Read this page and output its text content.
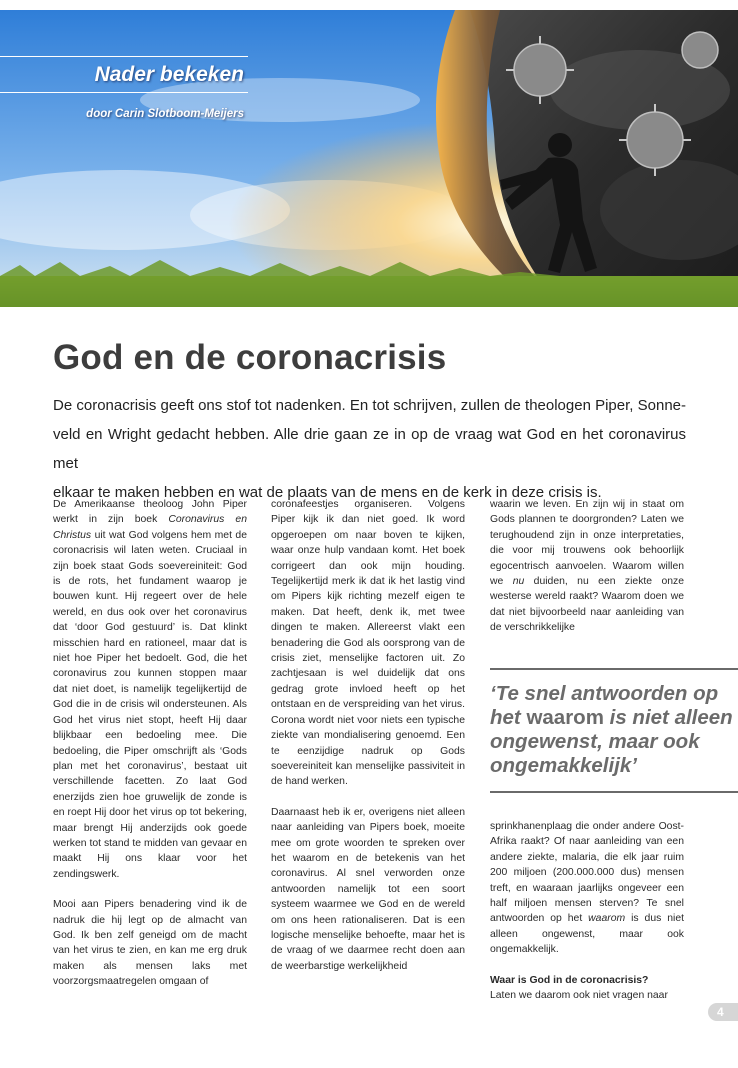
Nader bekeken
door Carin Slotboom-Meijers
God en de coronacrisis

De coronacrisis geeft ons stof tot nadenken. En tot schrijven, zullen de theologen Piper, Sonne-

veld en Wright gedacht hebben. Alle drie gaan ze in op de vraag wat God en het coronavirus met

elkaar te maken hebben en wat de plaats van de mens en de kerk in deze crisis is.

De Amerikaanse theoloog John Piper werkt in zijn boek Coronavirus en Christus uit wat God volgens hem met de coronacrisis wil laten weten. Cruciaal in zijn boek staat Gods soevereiniteit: God is de rots, het fundament waarop je bouwen kunt. Hij regeert over de hele wereld, en dus ook over het coronavirus dat ‘door God gestuurd’ is. Dat klinkt misschien hard en rationeel, maar dat is niet hoe Piper het bedoelt. God, die het coronavirus zou kunnen stoppen maar dat niet doet, is namelijk tegelijkertijd de God die in de crisis wil ondersteunen. Als God het virus niet stopt, heeft Hij daar blijkbaar een bedoeling mee. Die bedoeling, die Piper omschrijft als ‘Gods plan met het coronavirus’, bestaat uit verschillende facetten. Zo laat God enerzijds zien hoe gruwelijk de zonde is en roept Hij door het virus op tot bekering, maar brengt Hij anderzijds ook goede werken tot stand te midden van gevaar en maakt Hij ons klaar voor het zendingswerk.

Mooi aan Pipers benadering vind ik de nadruk die hij legt op de almacht van God. Ik ben zelf geneigd om de macht van het virus te zien, en kan me erg druk maken als mensen laks met voorzorgsmaatregelen omgaan of

coronafeestjes organiseren. Volgens Piper kijk ik dan niet goed. Ik word opgeroepen om naar boven te kijken, waar onze hulp vandaan komt. Het boek corrigeert dan ook mijn houding. Tegelijkertijd merk ik dat ik het lastig vind om Pipers kijk richting mezelf eigen te maken. Dat heeft, denk ik, met twee dingen te maken. Allereerst vlakt een benadering die God als oorsprong van de crisis ziet, menselijke factoren uit. Zo zachtjesaan is wel duidelijk dat ons gedrag grote invloed heeft op het ontstaan en de verspreiding van het virus. Corona wordt niet voor niets een typische ziekte van mondialisering genoemd. Een te eenzijdige nadruk op Gods soevereiniteit kan menselijke passiviteit in de hand werken.

Daarnaast heb ik er, overigens niet alleen naar aanleiding van Pipers boek, moeite mee om grote woorden te spreken over het waarom en de betekenis van het coronavirus. Al snel verworden onze antwoorden namelijk tot een soort systeem waarmee we God en de wereld om ons heen rationaliseren. Dat is een logische menselijke behoefte, maar het is de vraag of we daarmee recht doen aan de weerbarstige werkelijkheid

waarin we leven. En zijn wij in staat om Gods plannen te doorgronden? Laten we terughoudend zijn in onze interpretaties, die voor mij trouwens ook behoorlijk egocentrisch aanvoelen. Waarom willen we nu duiden, nu een ziekte onze westerse wereld raakt? Waarom doen we dat niet bijvoorbeeld naar aanleiding van de verschrikkelijke

‘Te snel antwoorden op het waarom is niet alleen ongewenst, maar ook ongemakkelijk’

sprinkhanenplaag die onder andere Oost-Afrika raakt? Of naar aanleiding van een andere ziekte, malaria, die elk jaar ruim 200 miljoen (200.000.000 dus) mensen treft, en waaraan jaarlijks ongeveer een half miljoen mensen sterven? Te snel antwoorden op het waarom is dus niet alleen ongewenst, maar ook ongemakkelijk.

Waar is God in de coronacrisis?

Laten we daarom ook niet vragen naar

4
